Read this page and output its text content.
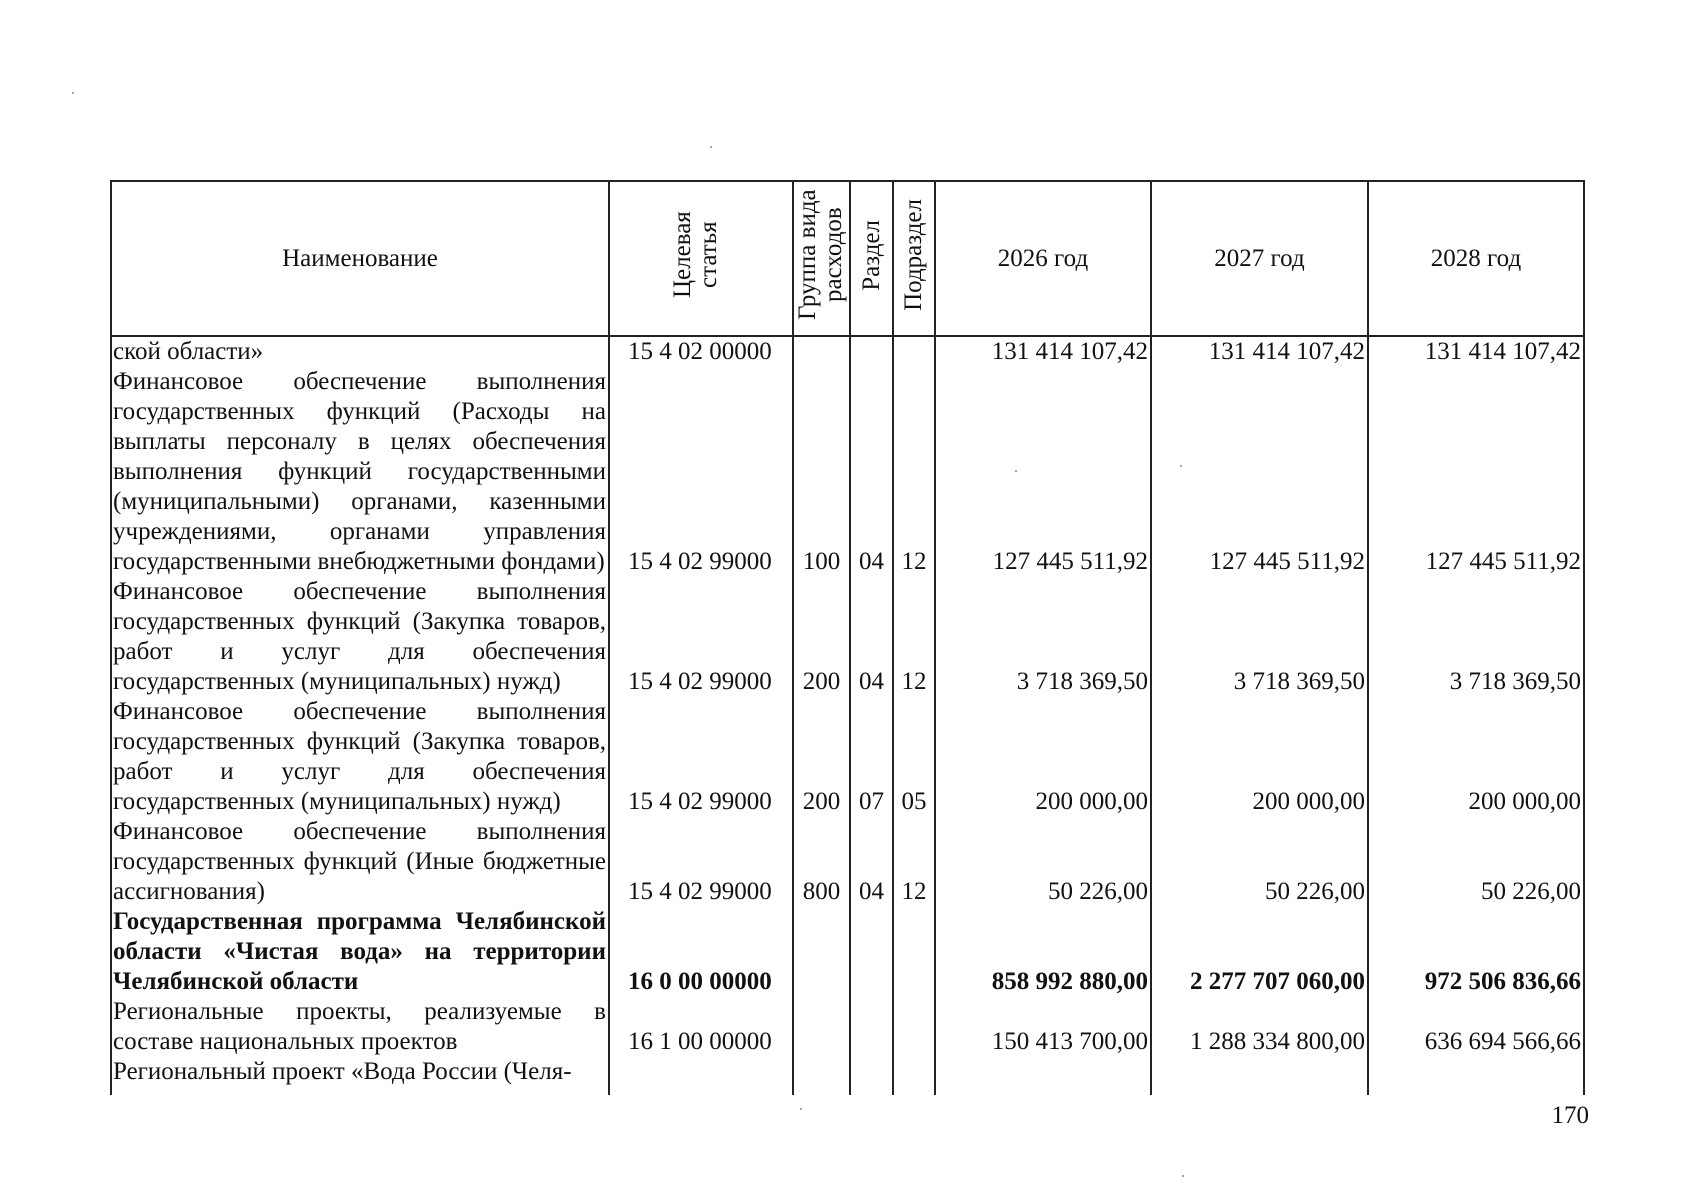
Наименование	Целевая статья	Группа вида расходов	Раздел	Подраздел	2026 год	2027 год	2028 год
ской области»	15 4 02 00000				131 414 107,42	131 414 107,42	131 414 107,42
Финансовое обеспечение выполнения государственных функций (Расходы на выплаты персоналу в целях обеспечения выполнения функций государственными (муниципальными) органами, казенными учреждениями, органами управления государственными внебюджетными фондами)	15 4 02 99000	100	04	12	127 445 511,92	127 445 511,92	127 445 511,92
Финансовое обеспечение выполнения государственных функций (Закупка товаров, работ и услуг для обеспечения государственных (муниципальных) нужд)	15 4 02 99000	200	04	12	3 718 369,50	3 718 369,50	3 718 369,50
Финансовое обеспечение выполнения государственных функций (Закупка товаров, работ и услуг для обеспечения государственных (муниципальных) нужд)	15 4 02 99000	200	07	05	200 000,00	200 000,00	200 000,00
Финансовое обеспечение выполнения государственных функций (Иные бюджетные ассигнования)	15 4 02 99000	800	04	12	50 226,00	50 226,00	50 226,00
Государственная программа Челябинской области «Чистая вода» на территории Челябинской области	16 0 00 00000				858 992 880,00	2 277 707 060,00	972 506 836,66
Региональные проекты, реализуемые в составе национальных проектов	16 1 00 00000				150 413 700,00	1 288 334 800,00	636 694 566,66
Региональный проект «Вода России (Челя-							

170
